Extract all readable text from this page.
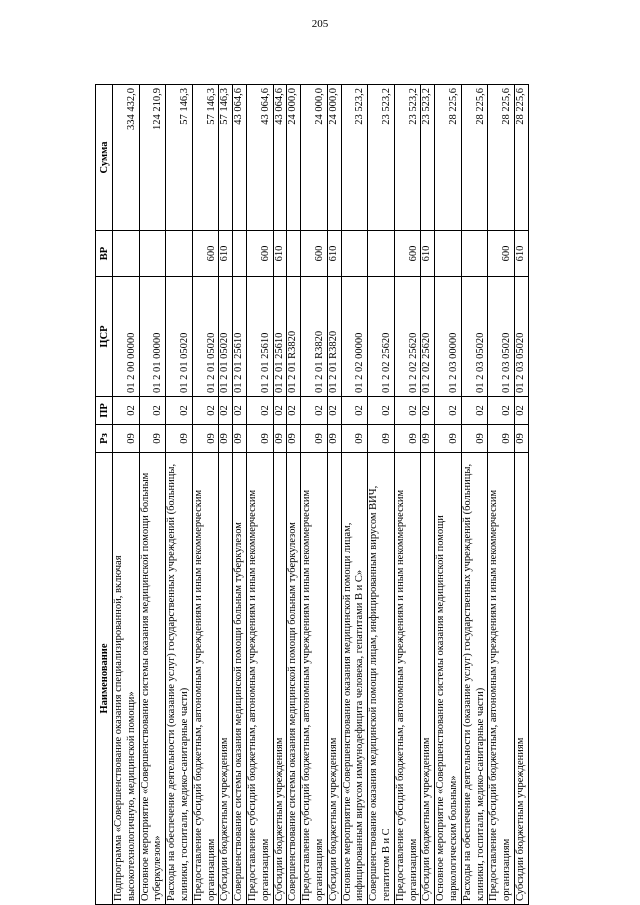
205
Наименование	Рз	ПР	ЦСР	ВР	Сумма
Подпрограмма «Совершенствование оказания специализированной, включая высокотехнологичную, медицинской помощи»	09	02	01 2 00 00000		334 432,0
Основное мероприятие «Совершенствование системы оказания медицинской помощи больным туберкулезом»	09	02	01 2 01 00000		124 210,9
Расходы на обеспечение деятельности (оказание услуг) государственных учреждений (больницы, клиники, госпитали, медико-санитарные части)	09	02	01 2 01 05020		57 146,3
Предоставление субсидий бюджетным, автономным учреждениям и иным некоммерческим организациям	09	02	01 2 01 05020	600	57 146,3
Субсидии бюджетным учреждениям	09	02	01 2 01 05020	610	57 146,3
Совершенствование системы оказания медицинской помощи больным туберкулезом	09	02	01 2 01 25610		43 064,6
Предоставление субсидий бюджетным, автономным учреждениям и иным некоммерческим организациям	09	02	01 2 01 25610	600	43 064,6
Субсидии бюджетным учреждениям	09	02	01 2 01 25610	610	43 064,6
Совершенствование системы оказания медицинской помощи больным туберкулезом	09	02	01 2 01 R3820		24 000,0
Предоставление субсидий бюджетным, автономным учреждениям и иным некоммерческим организациям	09	02	01 2 01 R3820	600	24 000,0
Субсидии бюджетным учреждениям	09	02	01 2 01 R3820	610	24 000,0
Основное мероприятие «Совершенствование оказания медицинской помощи лицам, инфицированным вирусом иммунодефицита человека, гепатитами В и С»	09	02	01 2 02 00000		23 523,2
Совершенствование оказания медицинской помощи лицам, инфицированным вирусом ВИЧ, гепатитом В и С	09	02	01 2 02 25620		23 523,2
Предоставление субсидий бюджетным, автономным учреждениям и иным некоммерческим организациям	09	02	01 2 02 25620	600	23 523,2
Субсидии бюджетным учреждениям	09	02	01 2 02 25620	610	23 523,2
Основное мероприятие «Совершенствование системы оказания медицинской помощи наркологическим больным»	09	02	01 2 03 00000		28 225,6
Расходы на обеспечение деятельности (оказание услуг) государственных учреждений (больницы, клиники, госпитали, медико-санитарные части)	09	02	01 2 03 05020		28 225,6
Предоставление субсидий бюджетным, автономным учреждениям и иным некоммерческим организациям	09	02	01 2 03 05020	600	28 225,6
Субсидии бюджетным учреждениям	09	02	01 2 03 05020	610	28 225,6
